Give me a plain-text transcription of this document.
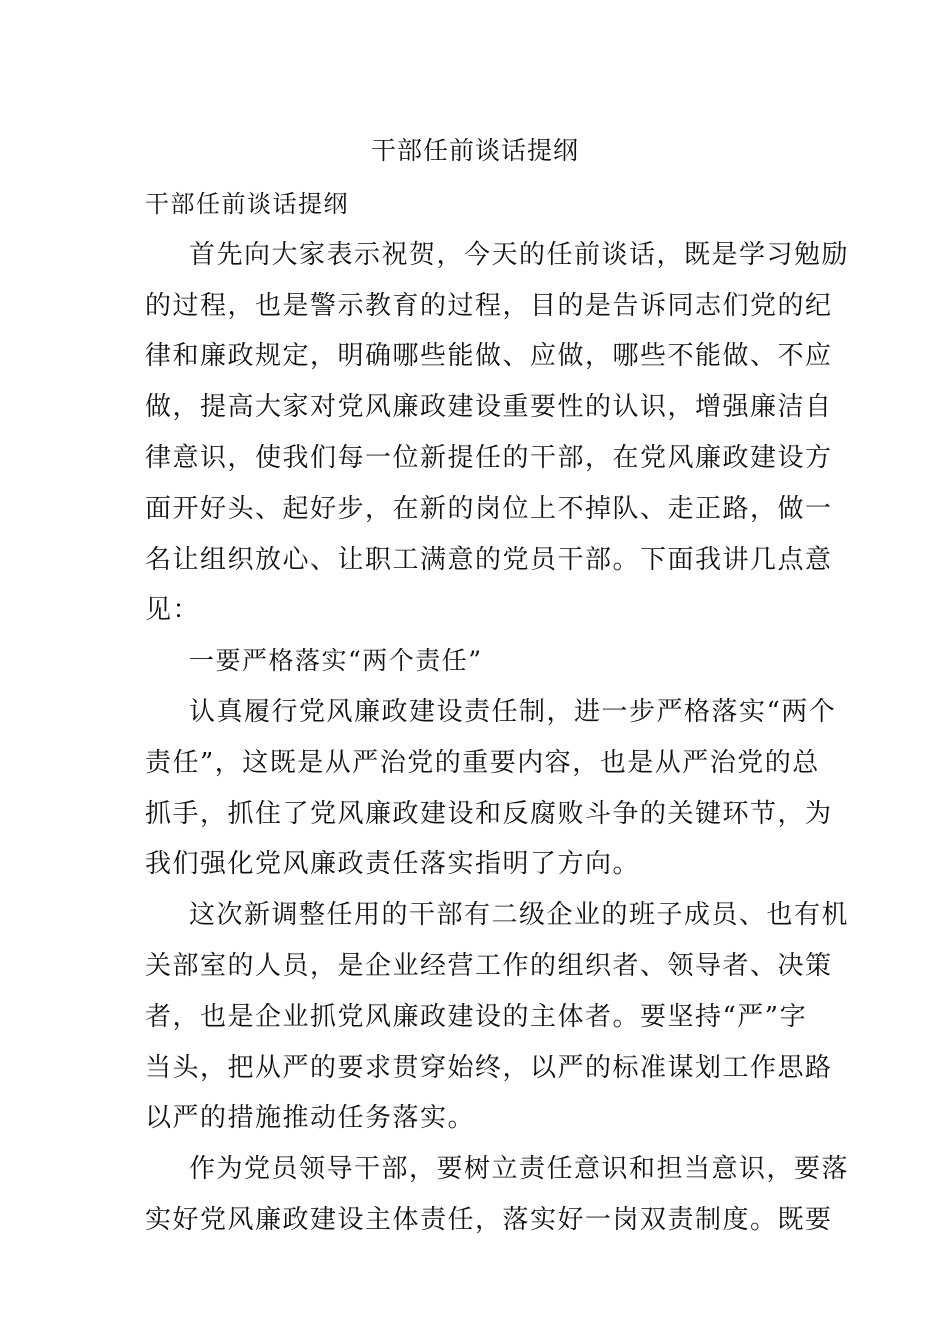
干部任前谈话提纲
干部任前谈话提纲
首先向大家表示祝贺，今天的任前谈话，既是学习勉励
的过程，也是警示教育的过程，目的是告诉同志们党的纪
律和廉政规定，明确哪些能做、应做，哪些不能做、不应
做，提高大家对党风廉政建设重要性的认识，增强廉洁自
律意识，使我们每一位新提任的干部，在党风廉政建设方
面开好头、起好步，在新的岗位上不掉队、走正路，做一
名让组织放心、让职工满意的党员干部。下面我讲几点意
见：
一要严格落实“两个责任”
认真履行党风廉政建设责任制，进一步严格落实“两个
责任”，这既是从严治党的重要内容，也是从严治党的总
抓手，抓住了党风廉政建设和反腐败斗争的关键环节，为
我们强化党风廉政责任落实指明了方向。
这次新调整任用的干部有二级企业的班子成员、也有机
关部室的人员，是企业经营工作的组织者、领导者、决策
者，也是企业抓党风廉政建设的主体者。要坚持“严”字
当头，把从严的要求贯穿始终，以严的标准谋划工作思路
以严的措施推动任务落实。
作为党员领导干部，要树立责任意识和担当意识，要落
实好党风廉政建设主体责任，落实好一岗双责制度。既要
